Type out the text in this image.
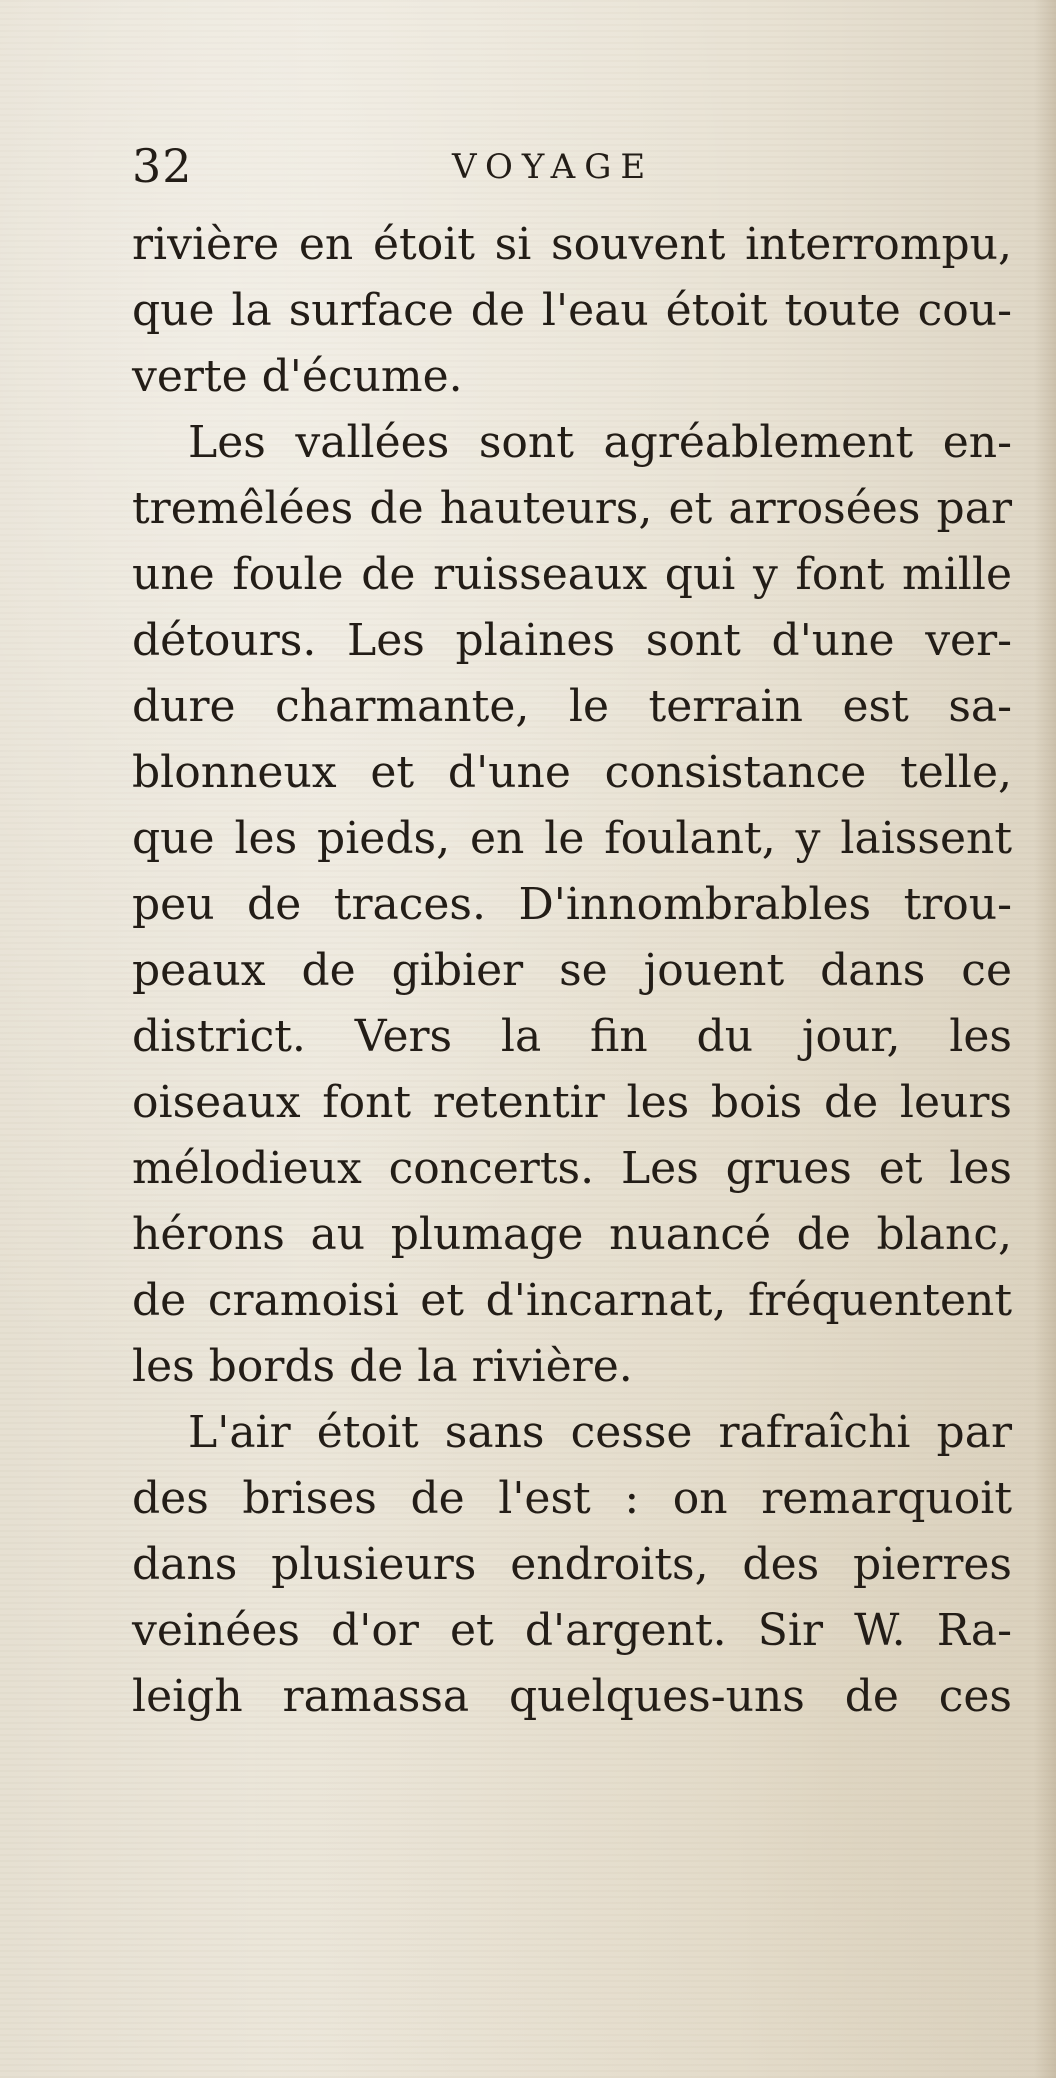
32	VOYAGE

rivière en étoit si souvent interrompu,
que la surface de l'eau étoit toute cou-
verte d'écume.

Les vallées sont agréablement en-
tremêlées de hauteurs, et arrosées par
une foule de ruisseaux qui y font mille
détours. Les plaines sont d'une ver-
dure charmante, le terrain est sa-
blonneux et d'une consistance telle,
que les pieds, en le foulant, y laissent
peu de traces. D'innombrables trou-
peaux de gibier se jouent dans ce
district. Vers la fin du jour, les
oiseaux font retentir les bois de leurs
mélodieux concerts. Les grues et les
hérons au plumage nuancé de blanc,
de cramoisi et d'incarnat, fréquentent
les bords de la rivière.

L'air étoit sans cesse rafraîchi par
des brises de l'est : on remarquoit
dans plusieurs endroits, des pierres
veinées d'or et d'argent. Sir W. Ra-
leigh ramassa quelques-uns de ces
